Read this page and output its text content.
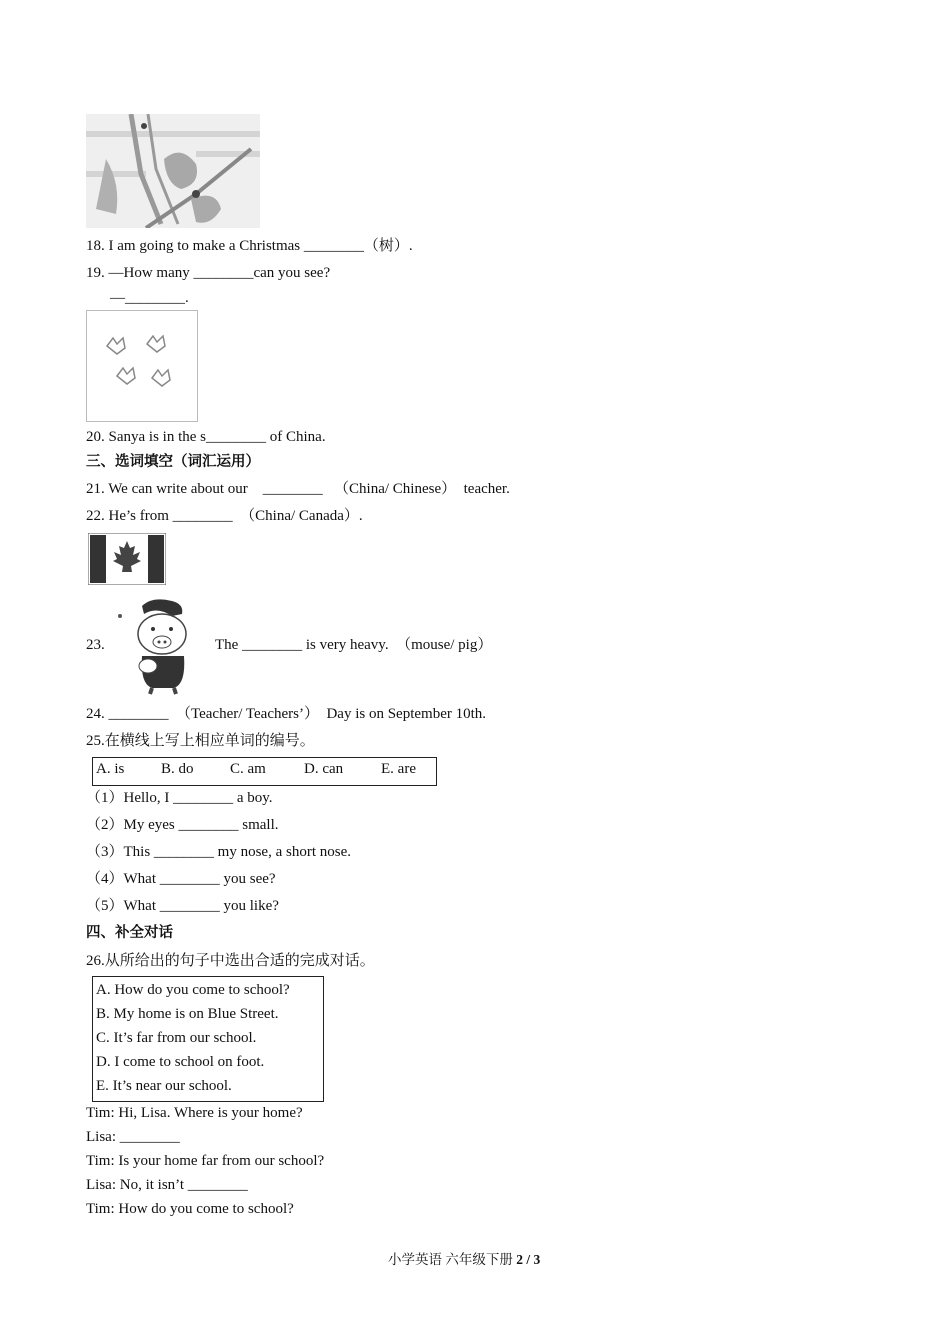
18. I am going to make a Christmas ________（树）.
19. —How many ________can you see?
—________.
20. Sanya is in the s________ of China.
三、选词填空（词汇运用）
21. We can write about our    ________   （China/ Chinese）  teacher.
22. He’s from ________  （China/ Canada）.
23.	The ________ is very heavy.  （mouse/ pig）
24. ________  （Teacher/ Teachers’）  Day is on September 10th.
25.在横线上写上相应单词的编号。
A. is B. do C. am	D. can	E. are
（1）Hello, I ________ a boy.
（2）My eyes ________ small.
（3）This ________ my nose, a short nose.
（4）What ________ you see?
（5）What ________ you like?
四、补全对话
26.从所给出的句子中选出合适的完成对话。
A. How do you come to school?
B. My home is on Blue Street.
C. It’s far from our school.
D. I come to school on foot.
E. It’s near our school.
Tim: Hi, Lisa. Where is your home?
Lisa: ________
Tim: Is your home far from our school?
Lisa: No, it isn’t ________
Tim: How do you come to school?
小学英语 六年级下册 2 / 3
